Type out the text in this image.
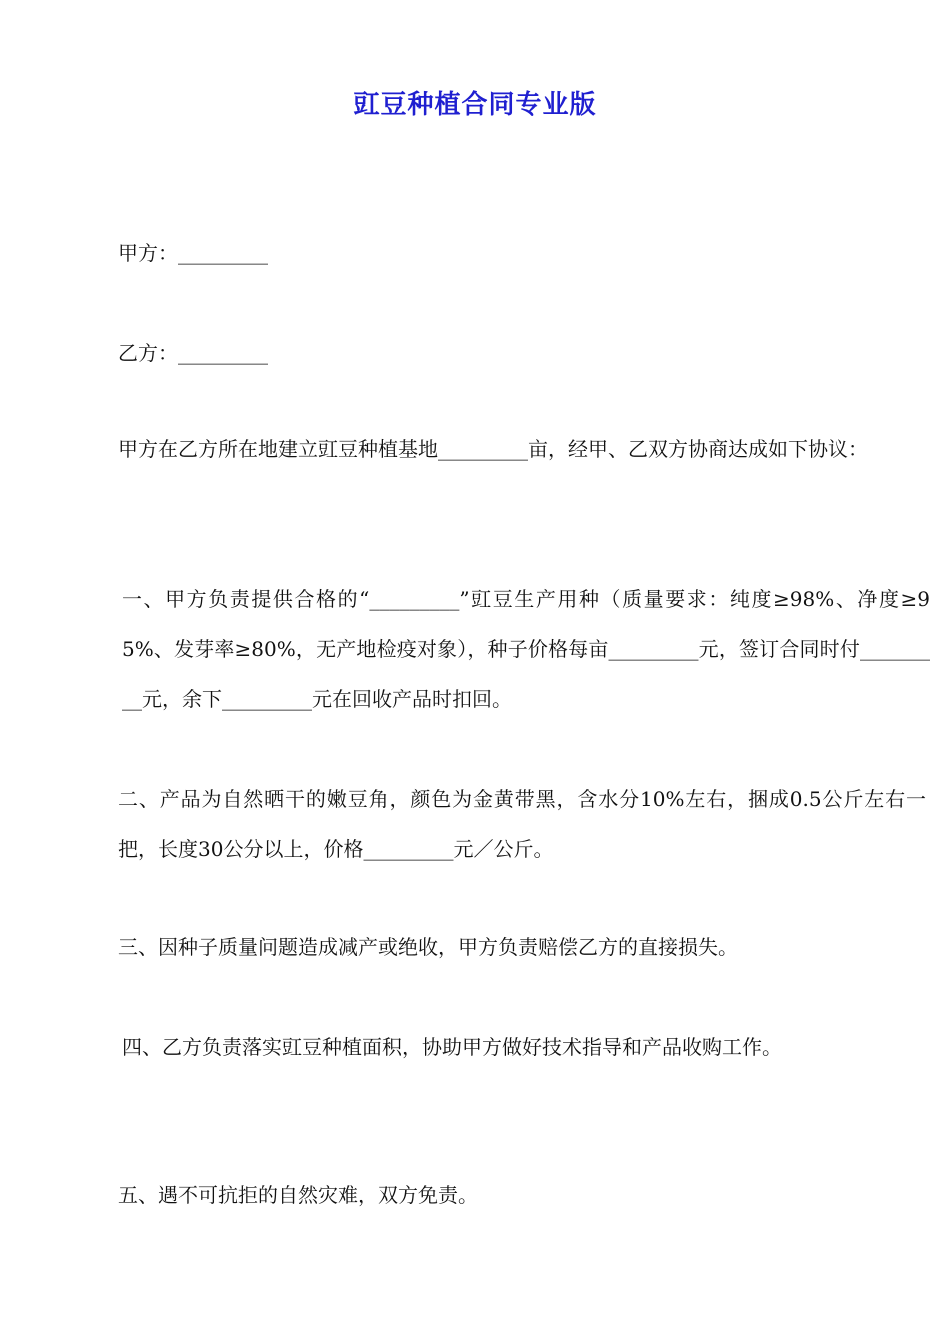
豇豆种植合同专业版
甲方：_________
乙方：_________
甲方在乙方所在地建立豇豆种植基地_________亩，经甲、乙双方协商达成如下协议：
一、甲方负责提供合格的“_________”豇豆生产用种（质量要求：纯度≥98%、净度≥95%、发芽率≥80%，无产地检疫对象），种子价格每亩_________元，签订合同时付_________元，余下_________元在回收产品时扣回。
二、产品为自然晒干的嫩豆角，颜色为金黄带黑，含水分10%左右，捆成0.5公斤左右一把，长度30公分以上，价格_________元／公斤。
三、因种子质量问题造成减产或绝收，甲方负责赔偿乙方的直接损失。
四、乙方负责落实豇豆种植面积，协助甲方做好技术指导和产品收购工作。
五、遇不可抗拒的自然灾难，双方免责。
